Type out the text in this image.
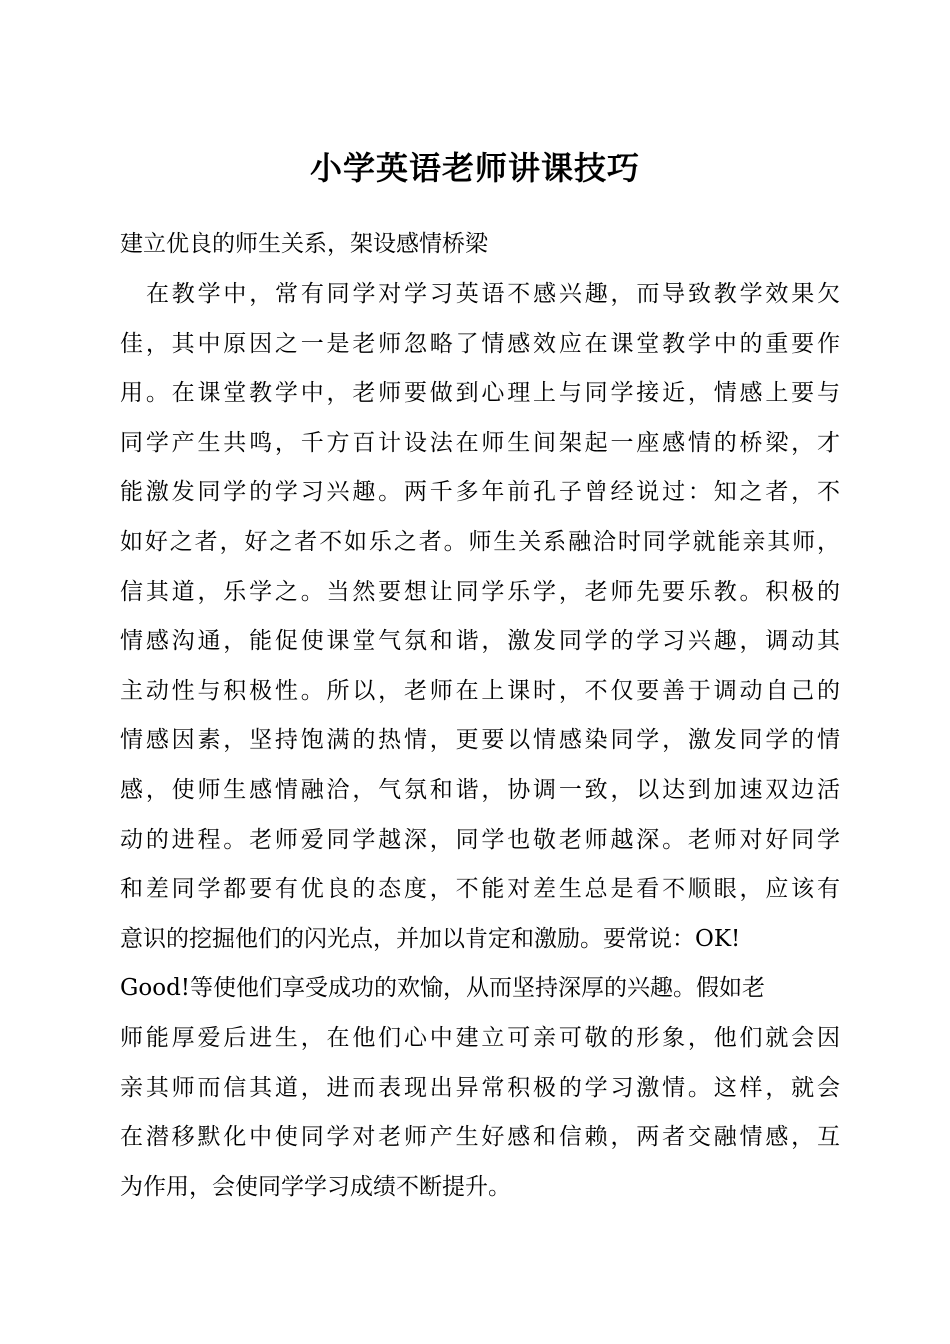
小学英语老师讲课技巧
建立优良的师生关系，架设感情桥梁
在教学中，常有同学对学习英语不感兴趣，而导致教学效果欠
佳，其中原因之一是老师忽略了情感效应在课堂教学中的重要作
用。在课堂教学中，老师要做到心理上与同学接近，情感上要与
同学产生共鸣，千方百计设法在师生间架起一座感情的桥梁，才
能激发同学的学习兴趣。两千多年前孔子曾经说过：知之者，不
如好之者，好之者不如乐之者。师生关系融洽时同学就能亲其师，
信其道，乐学之。当然要想让同学乐学，老师先要乐教。积极的
情感沟通，能促使课堂气氛和谐，激发同学的学习兴趣，调动其
主动性与积极性。所以，老师在上课时，不仅要善于调动自己的
情感因素，坚持饱满的热情，更要以情感染同学，激发同学的情
感，使师生感情融洽，气氛和谐，协调一致，以达到加速双边活
动的进程。老师爱同学越深，同学也敬老师越深。老师对好同学
和差同学都要有优良的态度，不能对差生总是看不顺眼，应该有
意识的挖掘他们的闪光点，并加以肯定和激励。要常说：OK!
Good!等使他们享受成功的欢愉，从而坚持深厚的兴趣。假如老
师能厚爱后进生，在他们心中建立可亲可敬的形象，他们就会因
亲其师而信其道，进而表现出异常积极的学习激情。这样，就会
在潜移默化中使同学对老师产生好感和信赖，两者交融情感，互
为作用，会使同学学习成绩不断提升。
